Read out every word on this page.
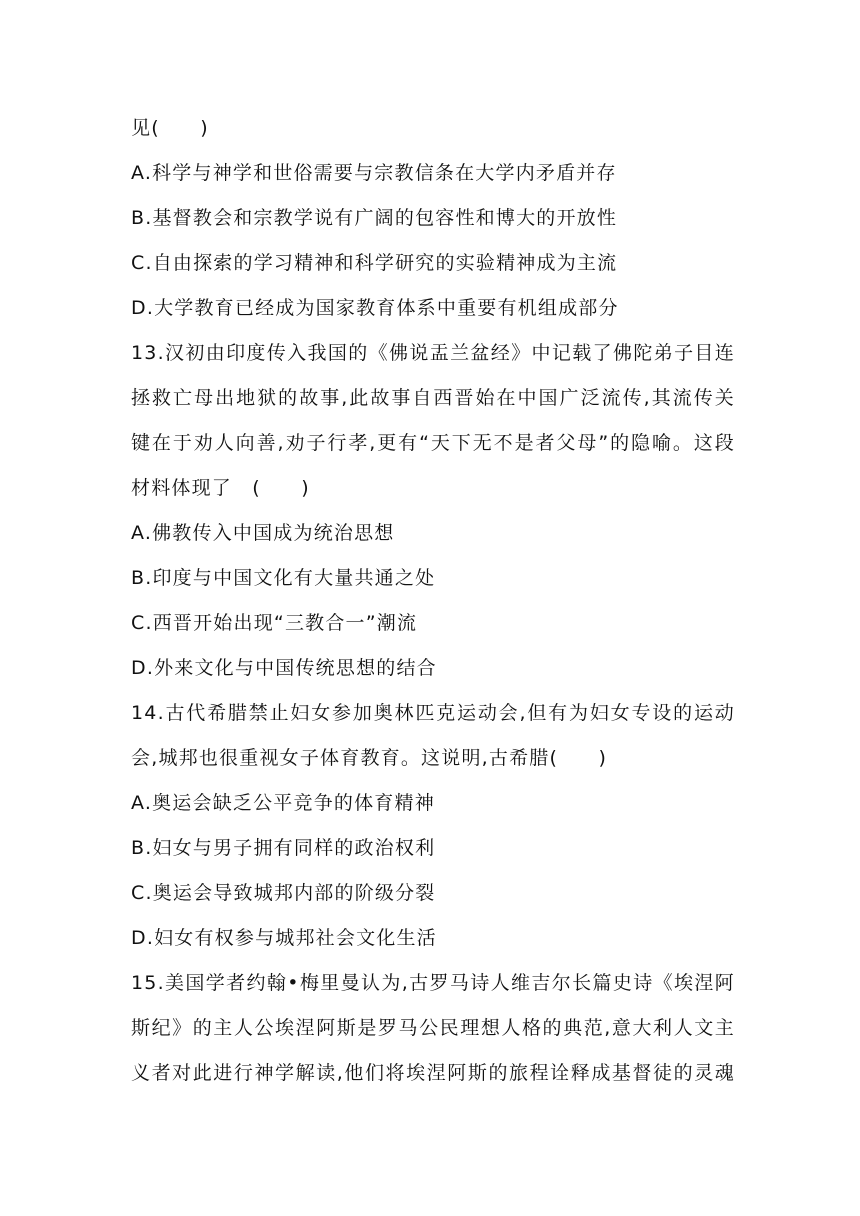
见(　　)
A.科学与神学和世俗需要与宗教信条在大学内矛盾并存
B.基督教会和宗教学说有广阔的包容性和博大的开放性
C.自由探索的学习精神和科学研究的实验精神成为主流
D.大学教育已经成为国家教育体系中重要有机组成部分
13.汉初由印度传入我国的《佛说盂兰盆经》中记载了佛陀弟子目连
拯救亡母出地狱的故事,此故事自西晋始在中国广泛流传,其流传关
键在于劝人向善,劝子行孝,更有“天下无不是者父母”的隐喻。这段
材料体现了　(　　)
A.佛教传入中国成为统治思想
B.印度与中国文化有大量共通之处
C.西晋开始出现“三教合一”潮流
D.外来文化与中国传统思想的结合
14.古代希腊禁止妇女参加奥林匹克运动会,但有为妇女专设的运动
会,城邦也很重视女子体育教育。这说明,古希腊(　　)
A.奥运会缺乏公平竞争的体育精神
B.妇女与男子拥有同样的政治权利
C.奥运会导致城邦内部的阶级分裂
D.妇女有权参与城邦社会文化生活
15.美国学者约翰•梅里曼认为,古罗马诗人维吉尔长篇史诗《埃涅阿
斯纪》的主人公埃涅阿斯是罗马公民理想人格的典范,意大利人文主
义者对此进行神学解读,他们将埃涅阿斯的旅程诠释成基督徒的灵魂
